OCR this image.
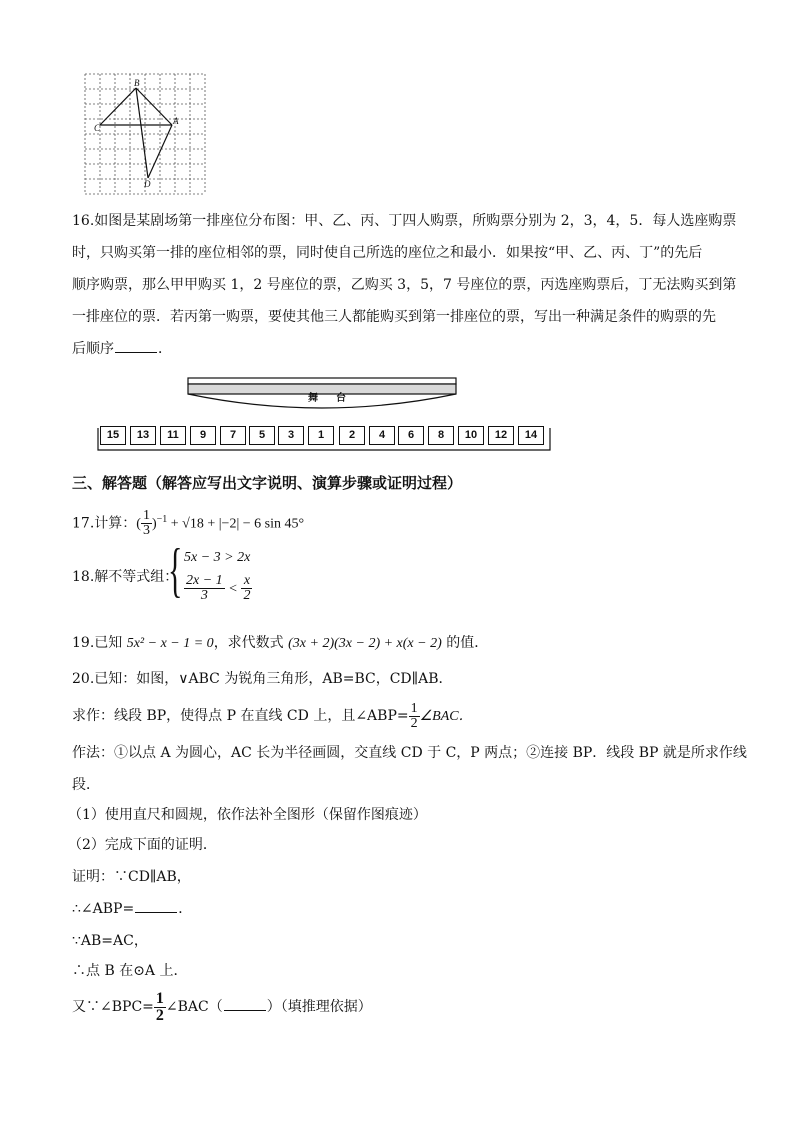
B
C
A
D
16.如图是某剧场第一排座位分布图：甲、乙、丙、丁四人购票，所购票分别为 2，3，4，5．每人选座购票
时，只购买第一排的座位相邻的票，同时使自己所选的座位之和最小．如果按“甲、乙、丙、丁”的先后
顺序购票，那么甲甲购买 1，2 号座位的票，乙购买 3，5，7 号座位的票，丙选座购票后，丁无法购买到第
一排座位的票．若丙第一购票，要使其他三人都能购买到第一排座位的票，写出一种满足条件的购票的先
后顺序	．
舞 台
15	13	11	9	7	5	3	1	2	4	6	8	10	12	14
三、解答题（解答应写出文字说明、演算步骤或证明过程）
17.计算：( $\frac{1}{3} )^{-1} + √18 + |-2| - 6$ sin 45°
18.解不等式组：
{ 5x − 3 > 2x
$\frac{2x - 1}{3} < \frac{x}{2}$
19.已知 5x² − x − 1 = 0，求代数式 (3x + 2)(3x − 2) + x(x − 2) 的值．
20.已知：如图，∨ABC 为锐角三角形，AB=BC，CD∥AB．
求作：线段 BP，使得点 P 在直线 CD 上，且∠ABP= $\frac{1}{2}$ ∠BAC．
作法：①以点 A 为圆心，AC 长为半径画圆，交直线 CD 于 C，P 两点；②连接 BP．线段 BP 就是所求作线
段．
（1）使用直尺和圆规，依作法补全图形（保留作图痕迹）
（2）完成下面的证明．
证明：∵CD∥AB，
∴∠ABP=	．
∵AB=AC，
∴点 B 在⊙A 上．
又∵∠BPC= $\frac{1}{2}$ ∠BAC（	）（填推理依据）
